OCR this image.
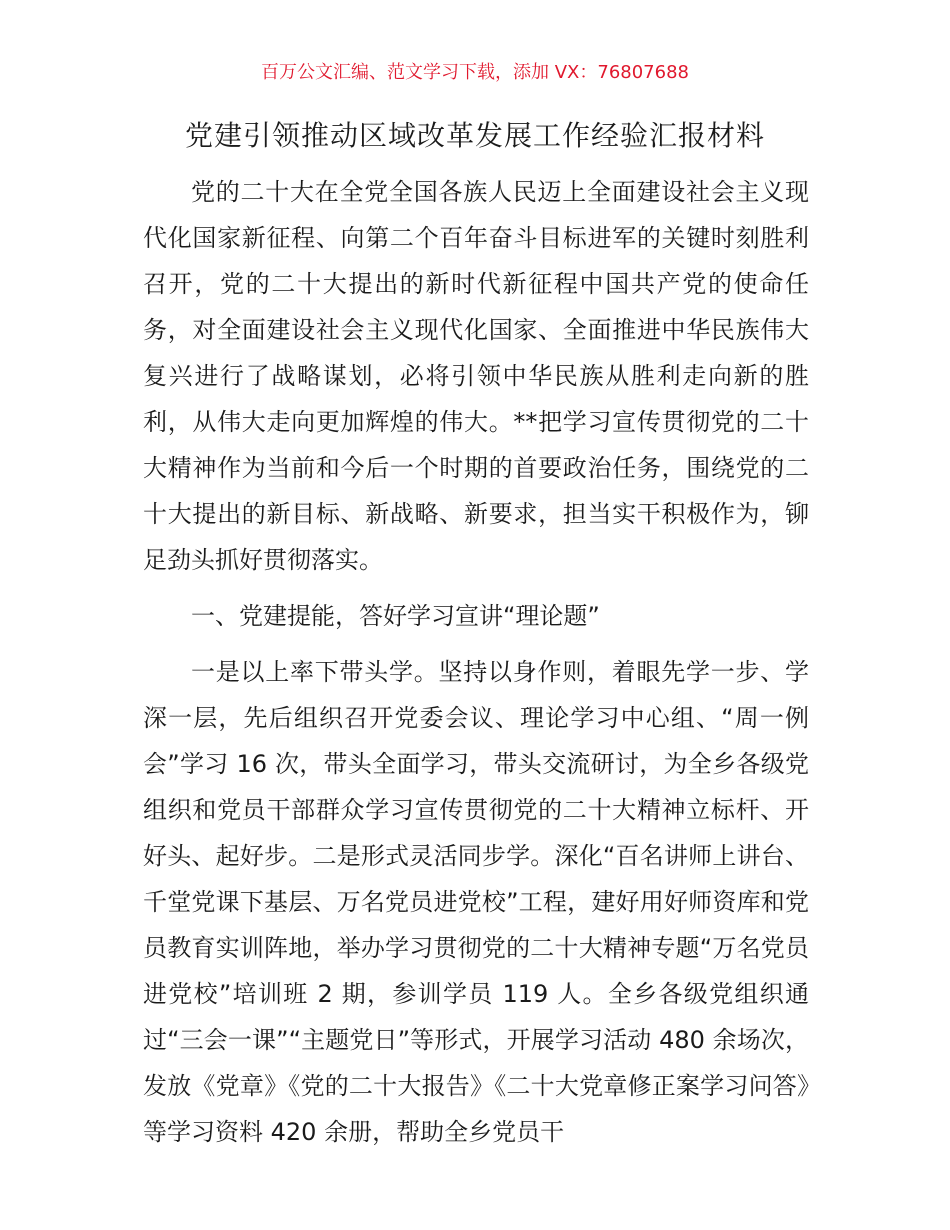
百万公文汇编、范文学习下载，添加 VX：76807688
党建引领推动区域改革发展工作经验汇报材料

党的二十大在全党全国各族人民迈上全面建设社会主义现代化国家新征程、向第二个百年奋斗目标进军的关键时刻胜利召开，党的二十大提出的新时代新征程中国共产党的使命任务，对全面建设社会主义现代化国家、全面推进中华民族伟大复兴进行了战略谋划，必将引领中华民族从胜利走向新的胜利，从伟大走向更加辉煌的伟大。**把学习宣传贯彻党的二十大精神作为当前和今后一个时期的首要政治任务，围绕党的二十大提出的新目标、新战略、新要求，担当实干积极作为，铆足劲头抓好贯彻落实。

一、党建提能，答好学习宣讲“理论题”

一是以上率下带头学。坚持以身作则，着眼先学一步、学深一层，先后组织召开党委会议、理论学习中心组、“周一例会”学习 16 次，带头全面学习，带头交流研讨，为全乡各级党组织和党员干部群众学习宣传贯彻党的二十大精神立标杆、开好头、起好步。二是形式灵活同步学。深化“百名讲师上讲台、千堂党课下基层、万名党员进党校”工程，建好用好师资库和党员教育实训阵地，举办学习贯彻党的二十大精神专题“万名党员进党校”培训班 2 期，参训学员 119 人。全乡各级党组织通过“三会一课”“主题党日”等形式，开展学习活动 480 余场次，发放《党章》《党的二十大报告》《二十大党章修正案学习问答》等学习资料 420 余册，帮助全乡党员干
